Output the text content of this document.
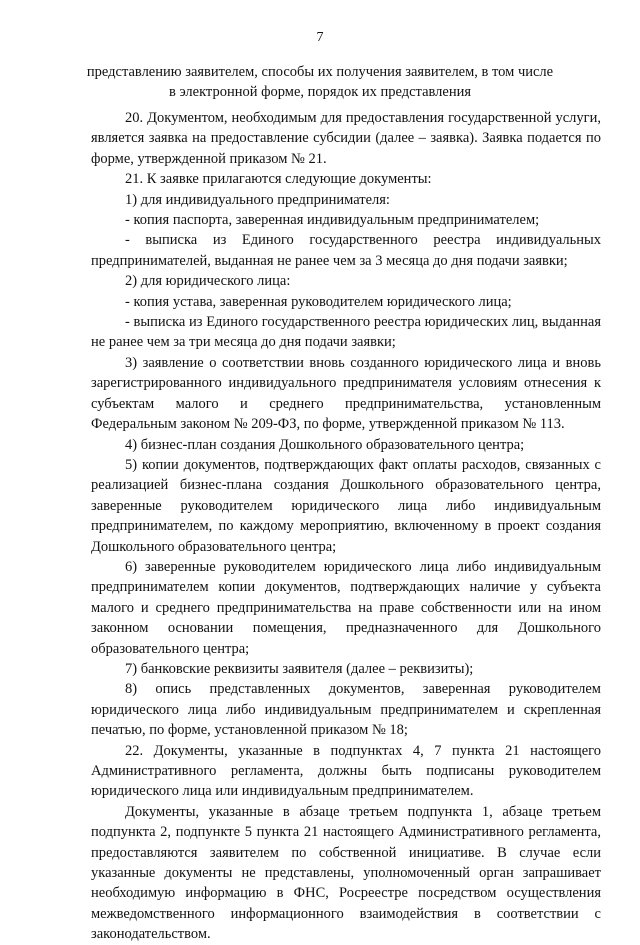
7
представлению заявителем, способы их получения заявителем, в том числе
в электронной форме, порядок их представления

20. Документом, необходимым для предоставления государственной услуги, является заявка на предоставление субсидии (далее – заявка). Заявка подается по форме, утвержденной приказом № 21.

21. К заявке прилагаются следующие документы:

1) для индивидуального предпринимателя:

- копия паспорта, заверенная индивидуальным предпринимателем;

- выписка из Единого государственного реестра индивидуальных предпринимателей, выданная не ранее чем за 3 месяца до дня подачи заявки;

2) для юридического лица:

- копия устава, заверенная руководителем юридического лица;

- выписка из Единого государственного реестра юридических лиц, выданная не ранее чем за три месяца до дня подачи заявки;

3) заявление о соответствии вновь созданного юридического лица и вновь зарегистрированного индивидуального предпринимателя условиям отнесения к субъектам малого и среднего предпринимательства, установленным Федеральным законом № 209-ФЗ, по форме, утвержденной приказом № 113.

4) бизнес-план создания Дошкольного образовательного центра;

5) копии документов, подтверждающих факт оплаты расходов, связанных с реализацией бизнес-плана создания Дошкольного образовательного центра, заверенные руководителем юридического лица либо индивидуальным предпринимателем, по каждому мероприятию, включенному в проект создания Дошкольного образовательного центра;

6) заверенные руководителем юридического лица либо индивидуальным предпринимателем копии документов, подтверждающих наличие у субъекта малого и среднего предпринимательства на праве собственности или на ином законном основании помещения, предназначенного для Дошкольного образовательного центра;

7) банковские реквизиты заявителя (далее – реквизиты);

8) опись представленных документов, заверенная руководителем юридического лица либо индивидуальным предпринимателем и скрепленная печатью, по форме, установленной приказом № 18;

22. Документы, указанные в подпунктах 4, 7 пункта 21 настоящего Административного регламента, должны быть подписаны руководителем юридического лица или индивидуальным предпринимателем.

Документы, указанные в абзаце третьем подпункта 1, абзаце третьем подпункта 2, подпункте 5 пункта 21 настоящего Административного регламента, предоставляются заявителем по собственной инициативе. В случае если указанные документы не представлены, уполномоченный орган запрашивает необходимую информацию в ФНС, Росреестре посредством осуществления межведомственного информационного взаимодействия в соответствии с законодательством.
